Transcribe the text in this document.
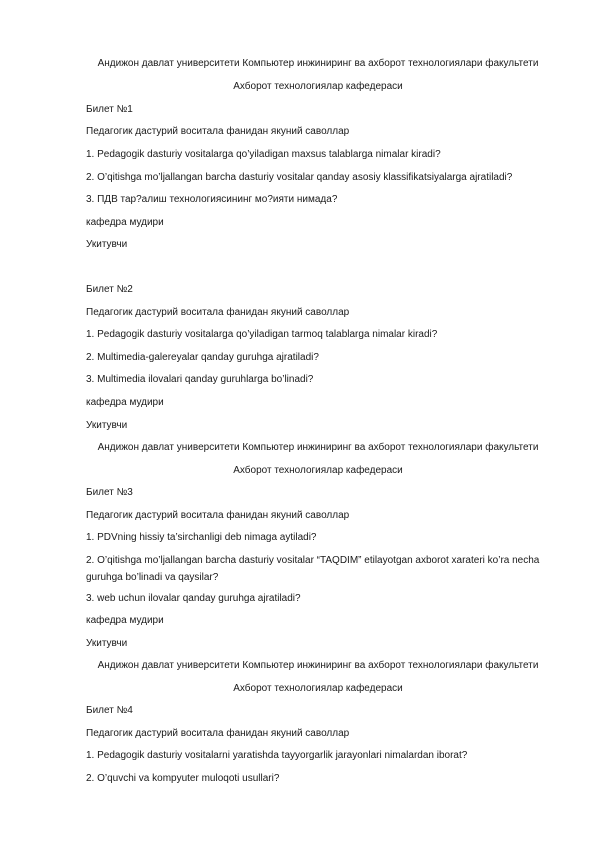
Андижон давлат университети Компьютер инжиниринг ва ахборот технологиялари факультети
Ахборот технологиялар кафедераси
Билет №1
Педагогик дастурий воситала фанидан якуний саволлар
1. Pedagogik dasturiy vositalarga qo’yiladigan maxsus talablarga nimalar kiradi?
2. O’qitishga mo’ljallangan barcha dasturiy vositalar qanday asosiy klassifikatsiyalarga ajratiladi?
3. ПДВ тар?алиш технологиясининг мо?ияти нимада?
кафедра мудири
Укитувчи
Билет №2
Педагогик дастурий воситала фанидан якуний саволлар
1. Pedagogik dasturiy vositalarga qo’yiladigan tarmoq talablarga nimalar kiradi?
2. Multimedia-galereyalar qanday guruhga ajratiladi?
3. Multimedia ilovalari qanday guruhlarga bo’linadi?
кафедра мудири
Укитувчи
Андижон давлат университети Компьютер инжиниринг ва ахборот технологиялари факультети
Ахборот технологиялар кафедераси
Билет №3
Педагогик дастурий воситала фанидан якуний саволлар
1. PDVning hissiy ta’sirchanligi deb nimaga aytiladi?
2. O’qitishga mo’ljallangan barcha dasturiy vositalar “TAQDIM” etilayotgan axborot xarateri ko’ra necha guruhga bo’linadi va qaysilar?
3. web uchun ilovalar qanday guruhga ajratiladi?
кафедра мудири
Укитувчи
Андижон давлат университети Компьютер инжиниринг ва ахборот технологиялари факультети
Ахборот технологиялар кафедераси
Билет №4
Педагогик дастурий воситала фанидан якуний саволлар
1. Pedagogik dasturiy vositalarni yaratishda tayyorgarlik jarayonlari nimalardan iborat?
2. O’quvchi va kompyuter muloqoti usullari?
